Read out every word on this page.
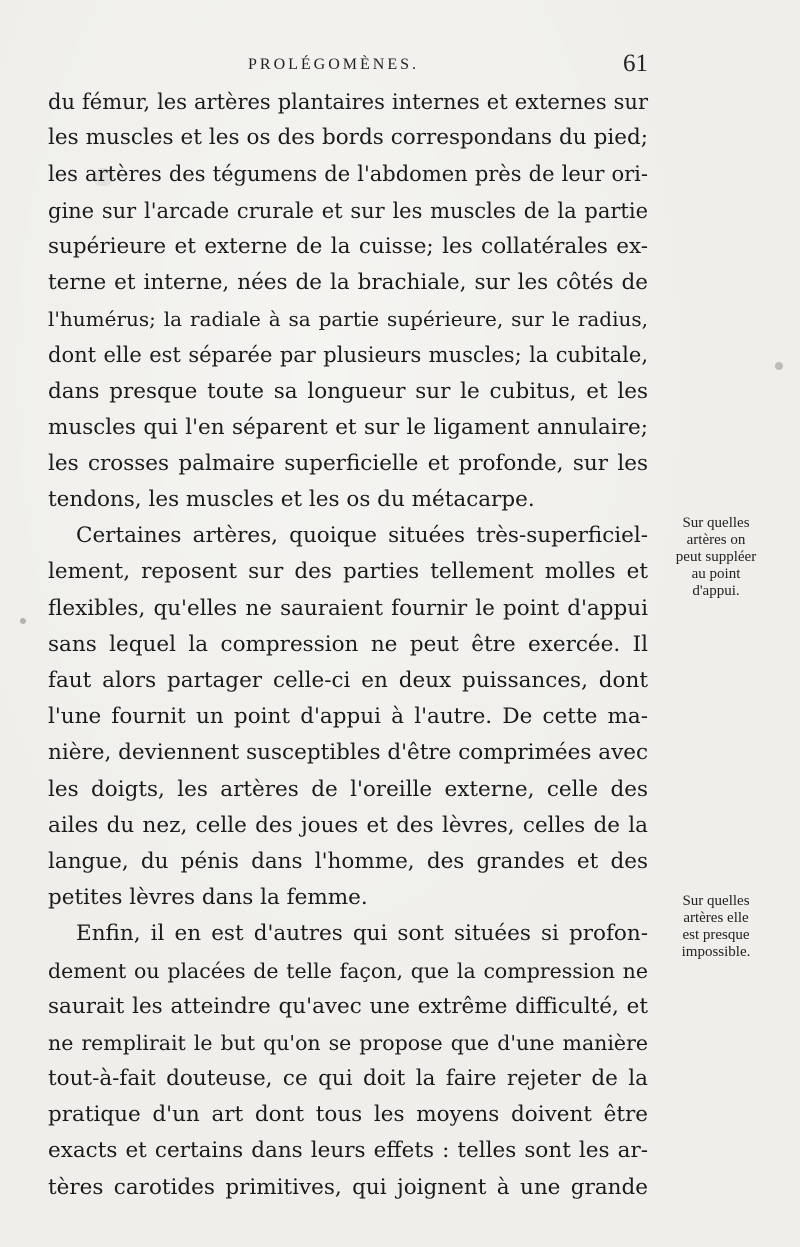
PROLÉGOMÈNES.	61
du fémur, les artères plantaires internes et externes sur
les muscles et les os des bords correspondans du pied;
les artères des tégumens de l'abdomen près de leur ori-
gine sur l'arcade crurale et sur les muscles de la partie
supérieure et externe de la cuisse; les collatérales ex-
terne et interne, nées de la brachiale, sur les côtés de
l'humérus; la radiale à sa partie supérieure, sur le radius,
dont elle est séparée par plusieurs muscles; la cubitale,
dans presque toute sa longueur sur le cubitus, et les
muscles qui l'en séparent et sur le ligament annulaire;
les crosses palmaire superficielle et profonde, sur les
tendons, les muscles et les os du métacarpe.
Certaines artères, quoique situées très-superficiel-
lement, reposent sur des parties tellement molles et
flexibles, qu'elles ne sauraient fournir le point d'appui
sans lequel la compression ne peut être exercée. Il
faut alors partager celle-ci en deux puissances, dont
l'une fournit un point d'appui à l'autre. De cette ma-
nière, deviennent susceptibles d'être comprimées avec
les doigts, les artères de l'oreille externe, celle des
ailes du nez, celle des joues et des lèvres, celles de la
langue, du pénis dans l'homme, des grandes et des
petites lèvres dans la femme.
Enfin, il en est d'autres qui sont situées si profon-
dement ou placées de telle façon, que la compression ne
saurait les atteindre qu'avec une extrême difficulté, et
ne remplirait le but qu'on se propose que d'une manière
tout-à-fait douteuse, ce qui doit la faire rejeter de la
pratique d'un art dont tous les moyens doivent être
exacts et certains dans leurs effets : telles sont les ar-
tères carotides primitives, qui joignent à une grande
Sur quelles
artères on
peut suppléer
au point
d'appui.
Sur quelles
artères elle
est presque
impossible.
